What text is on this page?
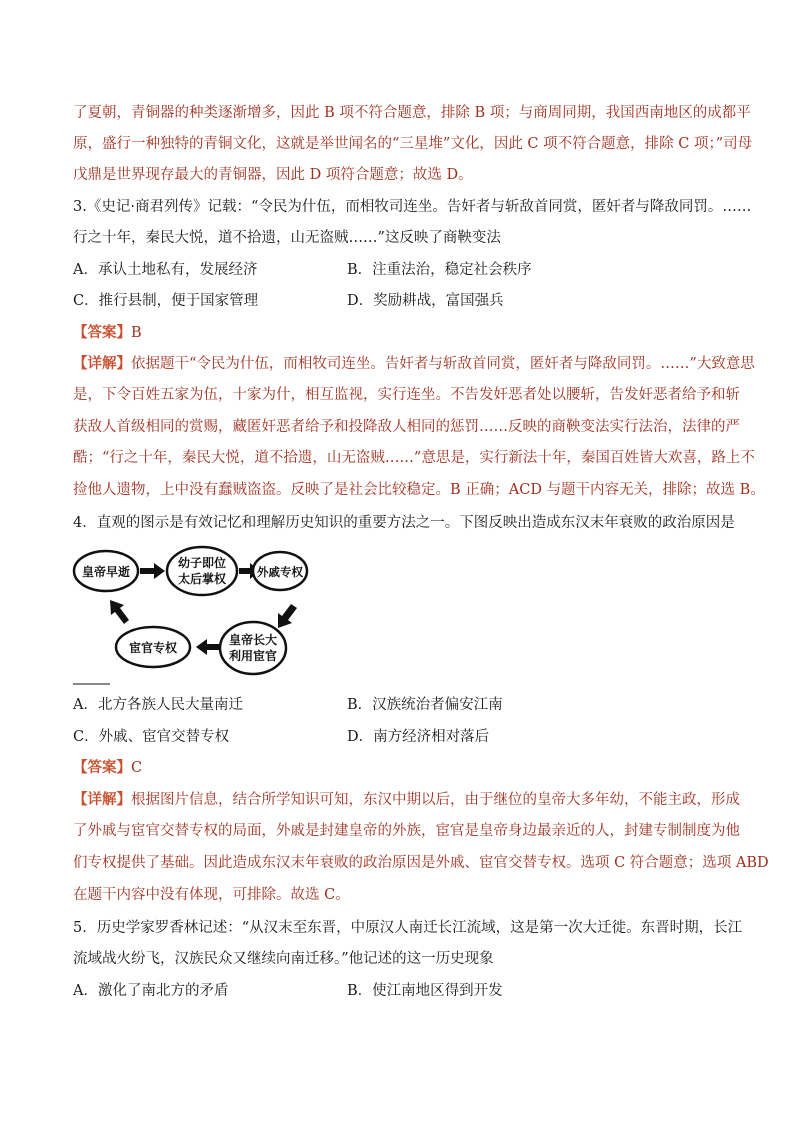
了夏朝，青铜器的种类逐渐增多，因此 B 项不符合题意，排除 B 项；与商周同期，我国西南地区的成都平
原，盛行一种独特的青铜文化，这就是举世闻名的“三星堆”文化，因此 C 项不符合题意，排除 C 项；”司母
戊鼎是世界现存最大的青铜器，因此 D 项符合题意；故选 D。
3.《史记·商君列传》记载：“令民为什伍，而相牧司连坐。告奸者与斩敌首同赏，匿奸者与降敌同罚。……
行之十年，秦民大悦，道不拾遗，山无盗贼……”这反映了商鞅变法
A．承认土地私有，发展经济	B．注重法治，稳定社会秩序
C．推行县制，便于国家管理	D．奖励耕战，富国强兵
【答案】B
【详解】依据题干“令民为什伍，而相牧司连坐。告奸者与斩敌首同赏，匿奸者与降敌同罚。……”大致意思
是，下令百姓五家为伍，十家为什，相互监视，实行连坐。不告发奸恶者处以腰斩，告发奸恶者给予和斩
获敌人首级相同的赏赐，藏匿奸恶者给予和投降敌人相同的惩罚……反映的商鞅变法实行法治，法律的严
酷；“行之十年，秦民大悦，道不拾遗，山无盗贼……”意思是，实行新法十年，秦国百姓皆大欢喜，路上不
捡他人遗物，上中没有蠢贼盗盗。反映了是社会比较稳定。B 正确；ACD 与题干内容无关，排除；故选 B。
4．直观的图示是有效记忆和理解历史知识的重要方法之一。下图反映出造成东汉末年衰败的政治原因是
皇帝早逝
幼子即位
太后掌权	外戚专权
皇帝长大
利用宦官
宦官专权
A．北方各族人民大量南迁	B．汉族统治者偏安江南
C．外戚、宦官交替专权	D．南方经济相对落后
【答案】C
【详解】根据图片信息，结合所学知识可知，东汉中期以后，由于继位的皇帝大多年幼，不能主政，形成
了外戚与宦官交替专权的局面，外戚是封建皇帝的外族，宦官是皇帝身边最亲近的人，封建专制制度为他
们专权提供了基础。因此造成东汉末年衰败的政治原因是外戚、宦官交替专权。选项 C 符合题意；选项 ABD
在题干内容中没有体现，可排除。故选 C。
5．历史学家罗香林记述：“从汉末至东晋，中原汉人南迁长江流域，这是第一次大迁徙。东晋时期，长江
流域战火纷飞，汉族民众又继续向南迁移。”他记述的这一历史现象
A．激化了南北方的矛盾	B．使江南地区得到开发
